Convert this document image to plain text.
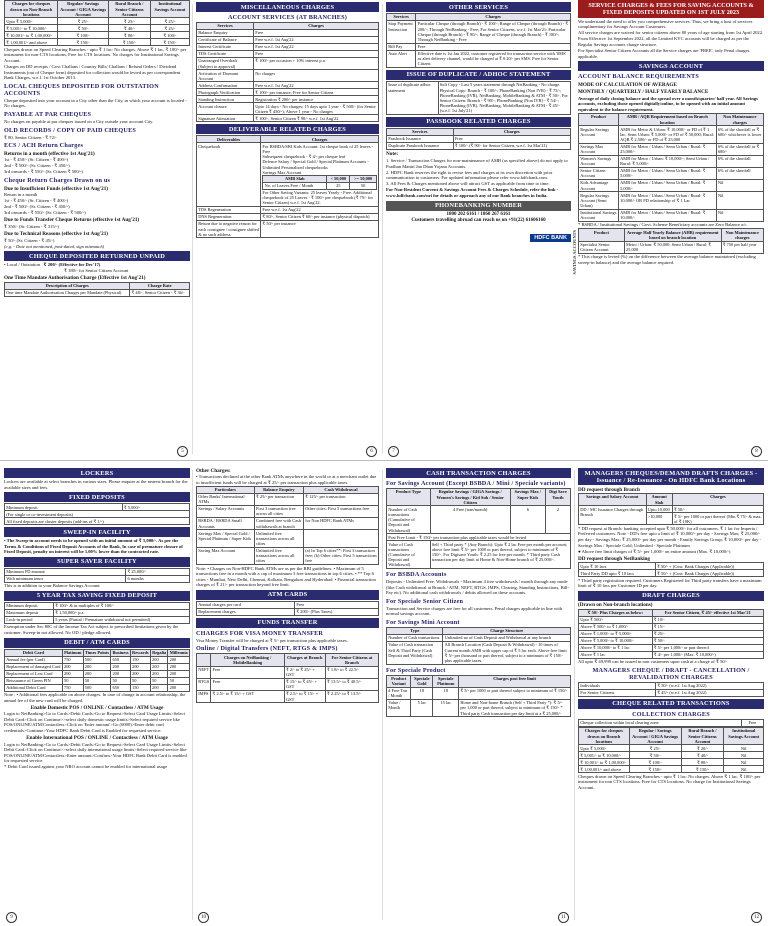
Charges for cheques drawn on Non-Branch locations	Regular/ Savings Account / GIGA Savings Account	Rural Branch / Senior Citizens Account	Institutional Savings Account
Upto ₹ 5,000/-	₹ 25/-	₹ 25/-	₹ 25/-
₹ 5,001/- to ₹ 10,000/-	₹ 50/-	₹ 40/-	₹ 25/-
₹ 10,001/- to ₹ 1,00,000/-	₹ 100/-	₹ 80/-	₹ 100/-
₹ 1,00,001/- and above	₹ 150/-	₹ 150/-	₹ 150/-
Cheques drawn on Speed Clearing Branches - upto ₹ 1 lac: No charges. Above ₹ 1 lac, ₹ 100/- per instrument for non-CTS locations, Free for CTS locations. No charges for Institutional Savings Account.
Charges on DD receipts / Govt Challans / Country Bills/ Challans / Refund Orders / Dividend Instruments (out of Cheque form) deposited for collection would be levied as per correspondent Bank Charges, w.e.f. 1st October 2013.
LOCAL CHEQUES DEPOSITED FOR OUTSTATION ACCOUNTS
Cheque deposited into your account in a City other than the City, in which your account is located - No charges.
PAYABLE AT PAR CHEQUES
No charges on payable at par cheques issued on a City outside your account City.
OLD RECORDS / COPY OF PAID CHEQUES
₹ 80, Senior Citizen - ₹ 72/-
ECS / ACH Return Charges
Returns in a month (effective 1st Aug'21)
1st - ₹ 450/- (Sr. Citizen - ₹ 400/-)
2nd - ₹ 500/- (Sr. Citizen - ₹ 450/-)
3rd onwards - ₹ 550/- (Sr. Citizen ₹ 500/-)
Cheque Return Charges Drawn on us
Due to Insufficient Funds (effective 1st Aug'21)
Return in a month
1st - ₹ 450/- (Sr. Citizen - ₹ 400/-)
2nd - ₹ 500/- (Sr. Citizen - ₹ 450/-)
3rd onwards - ₹ 550/- (Sr. Citizen - ₹ 500/-)
Due to Funds Transfer Cheque Returns (effective 1st Aug'21)
₹ 350/- (Sr. Citizen - ₹ 315/-)
Due to Technical Reasons (effective 1st Aug'21)
₹ 50/- (Sr. Citizen - ₹ 45/-)
(e.g. - Date not mentioned, post-dated, sign mismatch)
CHEQUE DEPOSITED RETURNED UNPAID
• Local / Outstation ₹ 200/- (Effective for Dec'17)
₹ 180/- for Senior Citizen Account
One Time Mandate Authorisation Charge (Effective 1st Aug'21)
Description of Charges	Charge Rate
One time Mandate Authorisation Charges per Mandate (Physical)	₹ 48/-, Senior Citizen - ₹ 36/-
5
MISCELLANEOUS CHARGES
ACCOUNT SERVICES (AT BRANCHES)
Services	Charges
Balance Enquiry	Free
Certificate of Balance	Free w.e.f. 1st Aug'22
Interest Certificate	Free w.e.f. 1st Aug'22
TDS Certificate	Free
Unarranged Overdraft (Subject to approval)	₹ 100/- per occasion + 10% interest p.a.
Activation of Dormant Account	No charges
Address Confirmation	Free w.e.f. 1st Aug'22
Photograph Verification	₹ 100/- per instance; Free for Senior Citizen
Standing Instruction	Registration ₹ 200/- per instance
Account closure	Upto 14 days - No charges; 15 days upto 1 year - ₹ 500/- (for Senior Citizen ₹ 450/-); Above 1 year - No charges
Signature Attestation	₹ 100/-, Senior Citizen ₹ 90/- w.e.f. 1st Aug'22
DELIVERABLE RELATED CHARGES
Deliverables	Charges
Chequebook	For BSBDA/SBI Kids Account: 1st cheque book of 25 leaves - Free
Subsequent chequebook - ₹ 4/- per cheque leaf
Defence Salary / Special Gold / Special Platinum Accounts - Unlimited Personalized chequebooks
Savings Max Account
AMB Slab	< 50,000	>= 50,000
No. of Leaves Free / Month	25	50
For Other Saving Variants: 25 leaves Yearly - Free. Additional chequebook of 25 Leaves - ₹ 100/- per chequebook (₹ 75/- for Senior Citizen) w.e.f. 1st Aug'22.

TDS Regeneration	Free w.e.f. 1st Aug'22
DNS Regeneration	₹ 80/-, Senior Citizen ₹ 60/- per instance (physical dispatch)
Return due to negative reason for each consignee / consignee shifted & no such address	₹ 50/- per instance
6
OTHER SERVICES
Services	Charges
Stop Payment Instruction	Particular Cheque (through Branch) - ₹ 100/-; Range of Cheque (through Branch) - ₹ 200/-; Through NetBanking - Free; For Senior Citizens, w.e.f. 1st Mar'21: Particular Cheque (through Branch) - ₹ 90/-; Range of Cheque (through Branch) - ₹ 180/-; Through NetBanking - Free
Bill Pay	Free
Auto Alert	Effective date is 1st Jan 2022, customer registered for transaction service with 'SMS' as alert delivery channel, would be charged at ₹ 0.20/- per SMS. Free for Senior Citizen.
ISSUE OF DUPLICATE / ADHOC STATEMENT
Issue of duplicate adhoc statement	Soft Copy - Last 5 years statement through NetBanking - No charge. Physical Copy: Branch - ₹ 100/-; PhoneBanking (Non IVR) - ₹ 75/-; PhoneBanking (IVR), NetBanking, MobileBanking & ATM - ₹ 50/-. For Senior Citizen: Branch - ₹ 90/-; PhoneBanking (Non IVR) - ₹ 54/-; PhoneBanking (IVR), NetBanking, MobileBanking & ATM - ₹ 45/- (w.e.f. 1st July'21)
PASSBOOK RELATED CHARGES
Services	Charges
Passbook Issuance	Free
Duplicate Passbook Issuance	₹ 100/- (₹ 90/- for Senior Citizen, w.e.f. 1st Mar'21)
Note:
1. Service / Transaction Charges for non-maintenance of AMB (as specified above) do not apply to Pradhan Mantri Jan Dhan Yojana Accounts.
2. HDFC Bank reserves the right to revise fees and charges at its own discretion with prior communication to customers. For updated information please refer www.hdfcbank.com.
3. All Fees & Charges mentioned above will attract GST as applicable from time to time.
For Non-Resident Current & Savings Account Fees & Charges Schedule, refer the link - www.hdfcbank.com/nri for details or approach any of our Bank branches in India.
PHONEBANKING NUMBER
1800 202 6161 / 1860 267 6161
Customers travelling abroad can reach us on +91(22) 61606160
HDFC BANK
7
SAVINGS ACCOUNTS
SERVICE CHARGES & FEES FOR SAVING ACCOUNTS & FIXED DEPOSITS UPDATED ON 1ST JULY 2023
We understand the need to offer you comprehensive services. Thus, we bring a host of services complimentary for Savings Account Customers.
All service charges are waived for senior citizens above 80 years of age starting from 1st April 2022.
From Effective 1st September 2022, all the Limited KYC accounts will be charged as per the Regular Savings accounts charge structure.
For Specialist Senior Citizen Accounts all the Service charges are 'FREE', only Penal charges applicable.
SAVINGS ACCOUNT
ACCOUNT BALANCE REQUIREMENTS
MODE OF CALCULATION OF AVERAGE
MONTHLY / QUARTERLY / HALF YEARLY BALANCE
Average of daily closing balance and the spread over a month/quarter/ half year. All Savings accounts, excluding those opened digitally/online, to be opened with an initial amount equivalent to the balance requirement.
Product	AMB / AQB Requirement based on Branch location	Non Maintenance charges
Regular Savings Account	AMB for Metro & Urban: ₹ 10,000/- or FD of ₹ 1 lac; Semi Urban: ₹ 5,000/- or FD of ₹ 50,000; Rural: AQB ₹ 2,500/- or FD of ₹ 25,000	6% of the shortfall or ₹ 600/- whichever is lower
Savings Max Account	AMB for Metro / Urban / Semi Urban / Rural: ₹ 25,000/-	6% of the shortfall or ₹ 600/-
Women's Savings Account	AMB for Metro / Urban: ₹ 10,000/-; Semi Urban / Rural: ₹ 5,000/-	6% of the shortfall
Senior Citizen Account	AMB for Metro / Urban / Semi Urban / Rural: ₹ 5,000/-	6% of the shortfall
Kids Advantage Account	AMB for Metro / Urban / Semi Urban / Rural: ₹ 5,000/-	Nil
Regular Savings Account (Semi Urban)	AMB for Metro / Urban / Semi Urban / Rural: ₹ 10,000/- OR FD relationship of ₹ 1 Lac	Nil
Institutional Savings Account	AMB for Metro / Urban / Semi Urban / Rural: ₹ 10,000/-	Nil
* BSBDA / Institutional Savings / Govt. Scheme Beneficiary accounts are Zero Balance a/c.
Product	Average Half Yearly Balance (AHB) requirement based on branch location	Non Maintenance charges
Specialist Senior Citizen Account	Metro / Urban: ₹ 50,000; Semi Urban / Rural: ₹ 25,000	₹ 750 per half year
* This charge is levied (%) on the difference between the average balance maintained (excluding sweep-in balance) and the average balance required.
8
LOCKERS
Lockers are available at select branches in various sizes. Please enquire at the nearest branch for the available sizes and fees.
FIXED DEPOSITS
Minimum deposit	₹ 5,000/-
(For single or co-investment deposits)
All fixed deposits are cluster deposits (add-ins of ₹ 1/-)
SWEEP-IN FACILITY
• The Sweep-in account needs to be opened with an initial amount of ₹ 5,000/-. As per the Terms & Conditions of Fixed Deposit Accounts of the Bank, In case of premature closure of Fixed Deposit, penalty on interest will be 1.00% lower than the contracted rate.
SUPER SAVER FACILITY
Minimum FD amount	₹ 25,000/-
With minimum tenor	6 months
This is in addition to your Balance Savings Account
5 YEAR TAX SAVING FIXED DEPOSIT
Minimum deposit	₹ 100/- & in multiples of ₹ 100/-
Maximum deposit	₹ 1,50,000/- p.a.
Lock-in period	5 years (Partial / Premature withdrawal not permitted)
Exemption under Sec 80C of the Income Tax Act subject to prescribed limitations given by the customer. Sweep-in not allowed. No OD / pledge allowed.
DEBIT / ATM CARDS
Debit Card	Platinum	Times Points	Business	Rewards	Regalia	Millennia
Annual fee (per Card)	750	500	650	150	200	200
Replacement of damaged Card	200	200	200	200	200	200
Replacement of Lost Card	200	200	200	200	200	200
Reissuance of Green PIN	50	50	50	50	50	50
Additional Debit Card	750	500	650	150	200	200
Note : • Additional fees applicable on above charges. In case of change in account relationship, the annual fee of the new card will be charged.
Enable Domestic POS / ONLINE / Contactless / ATM Usage
Login to NetBanking>Go to Cards>Debit Cards>Go to Request>Select Card Usage Limits>Select Debit Card>Click on Continue>>select daily domestic usage limits>Select required service like POS/ONLINE/ATM/Contactless>Click on 'Enter amount'>Go (0000)>Enter debit card credentials>Continue>Your HDFC Bank Debit Card is Enabled for requested service.
Enable International POS / ONLINE / Contactless / ATM Usage
Login to NetBanking>Go to Cards>Debit Cards>Go to Request>Select Card Usage Limits>Select Debit Card>Click on Continue>>select daily international usage limits>Select required service like POS/ONLINE/ATM/Contactless>Enter amount>Confirm>Your HDFC Bank Debit Card is enabled for requested service.
* Debit Card issued against your NRO account cannot be enabled for international usage
9
Other Charges:
• Transactions declined at the other Bank ATMs anywhere in the world or at a merchant outlet due to insufficient funds will be charged at ₹ 25/- per transaction plus applicable taxes.
Particulars	Balance Enquiry	Cash Withdrawal
Other Banks' International ATMs	₹ 25/- per transaction	₹ 125/- per transaction
Savings / Salary Accounts	First 3 transaction free across all cities	Other cities: First 5 transactions free
BSBDA / BSBDA Small Accounts	Combined free with Cash withdrawals at branch	for Non HDFC Bank ATMs
Savings Max / Special Gold / Special Platinum / Super Kids	Unlimited free transactions across all cities	
Saving Max Account	Unlimited free transactions across all cities	(a) In Top 6 cities**: First 3 transaction free; (b) Other cities: First 5 transactions free
Note: • Charges on Non-HDFC Bank ATMs are as per the RBI guidelines. • Maximum of 5 transactions free in a month with a cap of maximum 3 free transactions in top 6 cities. • ** Top 6 cities - Mumbai, New Delhi, Chennai, Kolkata, Bengaluru and Hyderabad. • Financial transaction charges of ₹ 21/- per transaction beyond free limit.
ATM CARDS
Annual charges per card	Free
Replacement charges	₹ 200/- (Plus Taxes)
FUNDS TRANSFER
CHARGES FOR VISA MONEY TRANSFER
Visa Money Transfer will be charged at ₹ 5/- per transaction plus applicable taxes.
Online / Digital Transfers (NEFT, RTGS & IMPS)
	Charges on NetBanking / MobileBanking	Charges at Branch	For Senior Citizens at Branch
NEFT	Free	₹ 2/- to ₹ 25/- + GST	₹ 1.8/- to ₹ 22.5/-
RTGS	Free	₹ 15/- to ₹ 45/- + GST	₹ 13.5/- to ₹ 40.5/-
IMPS	₹ 2.5/- to ₹ 15/- + GST	₹ 2.5/- to ₹ 15/- + GST	₹ 2.25/- to ₹ 13.5/-
10
CASH TRANSACTION CHARGES
For Savings Account (Except BSBDA / Mini / Speciale variants)
Product Type	Regular Savings / GIGA Savings / Women's Savings / Kid Sub / Senior Citizen	Savings Max / Super Kids	Digi Save Youth
Number of Cash transactions (Cumulative of Deposit and Withdrawal)	4 Free (tran/month)	6	2
Post Free Limit - ₹ 150/- per transaction plus applicable taxes would be levied			
Value of Cash transactions (Cumulative of Deposit and Withdrawal)	Self + Third party * (Any Branch): Upto ₹ 2 lac Free per month per account; above free limit ₹ 5/- per 1000 or part thereof, subject to minimum of ₹ 150/-. For Digisave Youth: ₹ 2.25 lac free per month. * Third party Cash transaction per day limit at Home & Non-Home branch of ₹ 25,000/-.		
For BSBDA Accounts
Deposits - Unlimited Free. Withdrawals - Maximum 4 free withdrawals / month through any mode (like Cash withdrawal at Branch / ATM, NEFT, RTGS, IMPS, Clearing, Standing Instructions, Bill-Pay etc). No additional cash withdrawals / debits allowed on these accounts.
For Speciale Senior Citizen
Transaction and Service charges are free for all customers. Penal charges applicable in line with normal savings account.
For Savings Mini Account
Type	Charge Structure
Number of Cash transactions	Unlimited no of Cash Deposit and Withdrawal at any branch
Value of Cash transaction Self & Third Party (Cash Deposit and Withdrawal)	All Branch Location (Cash Deposit & Withdrawal) - 10 times of Current month AMB with upper cap of ₹ 5 lac each. Above free limit ₹ 5/- per thousand or part thereof, subject to a minimum of ₹ 150/- plus applicable taxes.
For Speciale Product
Product Variant	Speciale Gold	Speciale Platinum	Charges post free limit
# Free Txn / Month	18	18	₹ 5/- per 1000 or part thereof subject to minimum of ₹ 150/-
Value / Month	5 lac	15 lac	Home and Non-home Branch (Self + Third Party *): ₹ 5/- per 1,000 or part thereof, subject to minimum of ₹ 150/- * Third party Cash transaction per day limit at a ₹ 25,000/-
11
MANAGERS CHEQUES/DEMAND DRAFTS CHARGES - Issuance / Re-Issuance - On HDFC Bank Locations
DD request through Branch
Savings and Salary Account	Amount Slab	Charges
DD / MC Issuance Charges through Branch	Upto 10,000	₹ 50/-
	>10,000	₹ 5/- per 1000 or part thereof (Min ₹ 75/- & max. of ₹ 10K)
* DD request at Branch: banking accepted upto ₹ 50,000/- for all customers. ₹ 1 lac for Imperia / Preferred customers. Note - DD's free upto a limit of ₹ 10,000/- per day - Savings Max; ₹ 25,000/- per day - Savings Max; ₹ 25,000/- per day per month - Family Savings Group; ₹ 10,000/- per day - Savings Max / Speciale Gold; Unlimited - Speciale Platinum
● Above free limit charges of ₹ 5/- per 1,000/- on entire amount (Max. ₹ 10,000/-)
DD request through NetBanking
Upto ₹ 10 lacs	₹ 50/- + (Cost: Bank Charges (Applicable))
Third Party DD upto ₹ 10 lacs	₹ 50/- + (Cost: Bank Charges (Applicable))
* Third party registration required. Customers Registered for Third party transfers have a maximum limit of ₹ 10 lacs per Customer ID per day.
DRAFT CHARGES
(Drawn on Non-branch locations)
₹ 50/- Plus Charges as below:	For Senior Citizen, ₹ 45/- effective 1st Mar'21
Upto ₹ 500/-	₹ 10/-
Above ₹ 500/- to ₹ 1,000/-	₹ 15/-
Above ₹ 1,000/- to ₹ 5,000/-	₹ 25/-
Above ₹ 5,000/- to ₹ 10,000/-	₹ 50/-
Above ₹ 10,000/- to ₹ 1 lac	₹ 5/- per 1,000/- or part thereof
Above ₹ 1 lac	₹ 4/- per 1,000/- (Max. ₹ 10,000/-)
All upto ₹ 49,999 can be issued in non customers upon cash at a charge of ₹ 50/-
MANAGERS CHEQUE / DRAFT - CANCELLATION / REVALIDATION CHARGES
Individuals	₹ 50/- (w.e.f. 1st Aug 2022)
For Senior Citizens	₹ 45/- (w.e.f. 1st Aug 2022)
CHEQUE RELATED TRANSACTIONS
COLLECTION CHARGES
Cheque collection within local clearing zone	Free
Charges for cheques drawn on Branch locations	Regular / Savings Account / GIGA Savings Account	Rural Branch / Senior Citizens Account	Institutional Savings Account
Upto ₹ 5,000/-	₹ 25/-	₹ 20/-	Nil
₹ 5,001/- to ₹ 10,000/-	₹ 50/-	₹ 40/-	Nil
₹ 10,001/- to ₹ 1,00,000/-	₹ 100/-	₹ 80/-	Nil
₹ 1,00,001/- and above	₹ 150/-	₹ 150/-	Nil
Cheques drawn on Speed Clearing Branches - upto ₹ 1 lac: No charges. Above ₹ 1 lac, ₹ 100/- per instrument for non CTS locations. Free for CTS locations. No charge for Institutional Savings Account.
12
